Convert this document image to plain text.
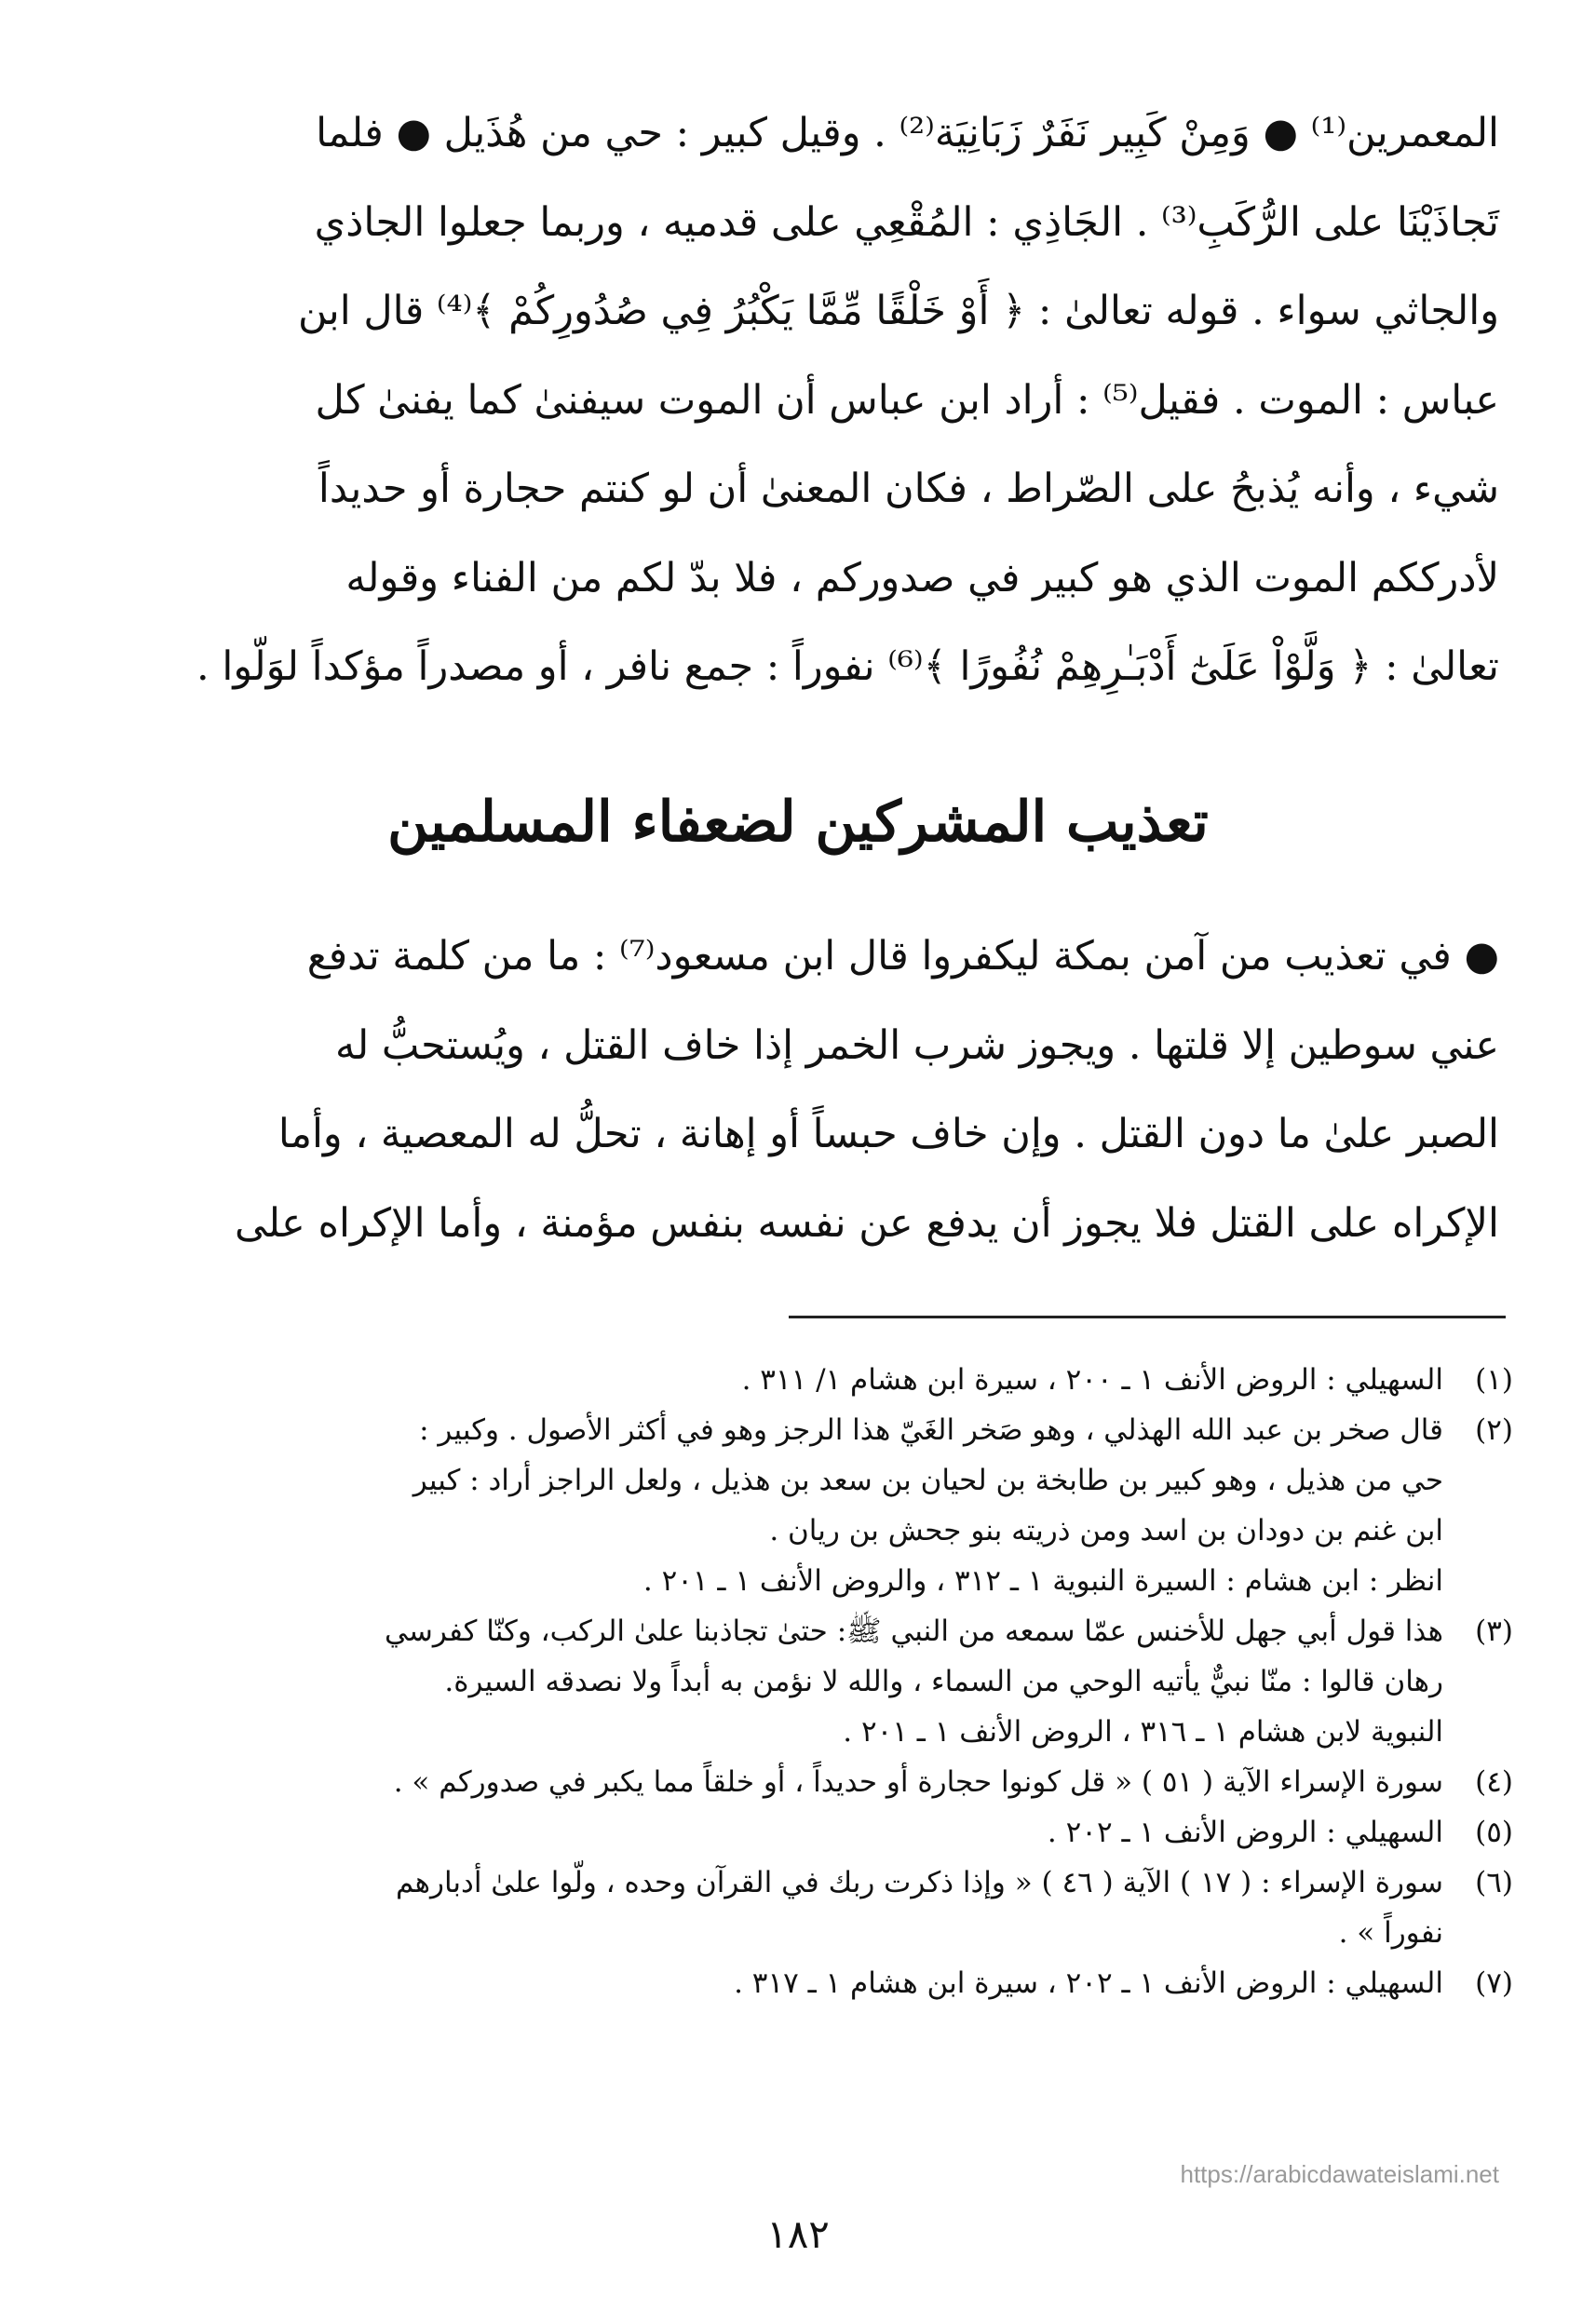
المعمرين⁽¹⁾ ● وَمِنْ كَبِير نَفَرٌ زَبَانِيَة⁽²⁾ . وقيل كبير : حي من هُذَيل ● فلما

تَجاذَيْنَا على الرُّكَبِ⁽³⁾ . الجَاذِي : المُقْعِي على قدميه ، وربما جعلوا الجاذي

والجاثي سواء . قوله تعالىٰ : ﴿ أَوْ خَلْقًا مِّمَّا يَكْبُرُ فِي صُدُورِكُمْ ﴾⁽⁴⁾ قال ابن

عباس : الموت . فقيل⁽⁵⁾ : أراد ابن عباس أن الموت سيفنىٰ كما يفنىٰ كل

شيء ، وأنه يُذبحُ على الصّراط ، فكان المعنىٰ أن لو كنتم حجارة أو حديداً

لأدرككم الموت الذي هو كبير في صدوركم ، فلا بدّ لكم من الفناء وقوله

تعالىٰ : ﴿ وَلَّوْاْ عَلَىٰٓ أَدْبَـٰرِهِمْ نُفُورًا ﴾⁽⁶⁾ نفوراً : جمع نافر ، أو مصدراً مؤكداً لوَلّوا .

تعذيب المشركين لضعفاء المسلمين

● في تعذيب من آمن بمكة ليكفروا قال ابن مسعود⁽⁷⁾ : ما من كلمة تدفع

عني سوطين إلا قلتها . ويجوز شرب الخمر إذا خاف القتل ، ويُستحبُّ له

الصبر علىٰ ما دون القتل . وإن خاف حبساً أو إهانة ، تحلُّ له المعصية ، وأما

الإكراه على القتل فلا يجوز أن يدفع عن نفسه بنفس مؤمنة ، وأما الإكراه على

(١)
السهيلي : الروض الأنف ١ ـ ٢٠٠ ، سيرة ابن هشام ١/ ٣١١ .
(٢)
قال صخر بن عبد الله الهذلي ، وهو صَخر الغَيّ هذا الرجز وهو في أكثر الأصول . وكبير :
حي من هذيل ، وهو كبير بن طابخة بن لحيان بن سعد بن هذيل ، ولعل الراجز أراد : كبير
ابن غنم بن دودان بن اسد ومن ذريته بنو جحش بن ريان .
انظر : ابن هشام : السيرة النبوية ١ ـ ٣١٢ ، والروض الأنف ١ ـ ٢٠١ .
(٣)
هذا قول أبي جهل للأخنس عمّا سمعه من النبي ﷺ: حتىٰ تجاذبنا علىٰ الركب، وكنّا كفرسي
رهان قالوا : منّا نبيٌّ يأتيه الوحي من السماء ، والله لا نؤمن به أبداً ولا نصدقه السيرة.
النبوية لابن هشام ١ ـ ٣١٦ ، الروض الأنف ١ ـ ٢٠١ .
(٤)
سورة الإسراء الآية ( ٥١ ) « قل كونوا حجارة أو حديداً ، أو خلقاً مما يكبر في صدوركم » .
(٥)
السهيلي : الروض الأنف ١ ـ ٢٠٢ .
(٦)
سورة الإسراء : ( ١٧ ) الآية ( ٤٦ ) « وإذا ذكرت ربك في القرآن وحده ، ولّوا علىٰ أدبارهم
نفوراً » .
(٧)
السهيلي : الروض الأنف ١ ـ ٢٠٢ ، سيرة ابن هشام ١ ـ ٣١٧ .
https://arabicdawateislami.net
١٨٢
